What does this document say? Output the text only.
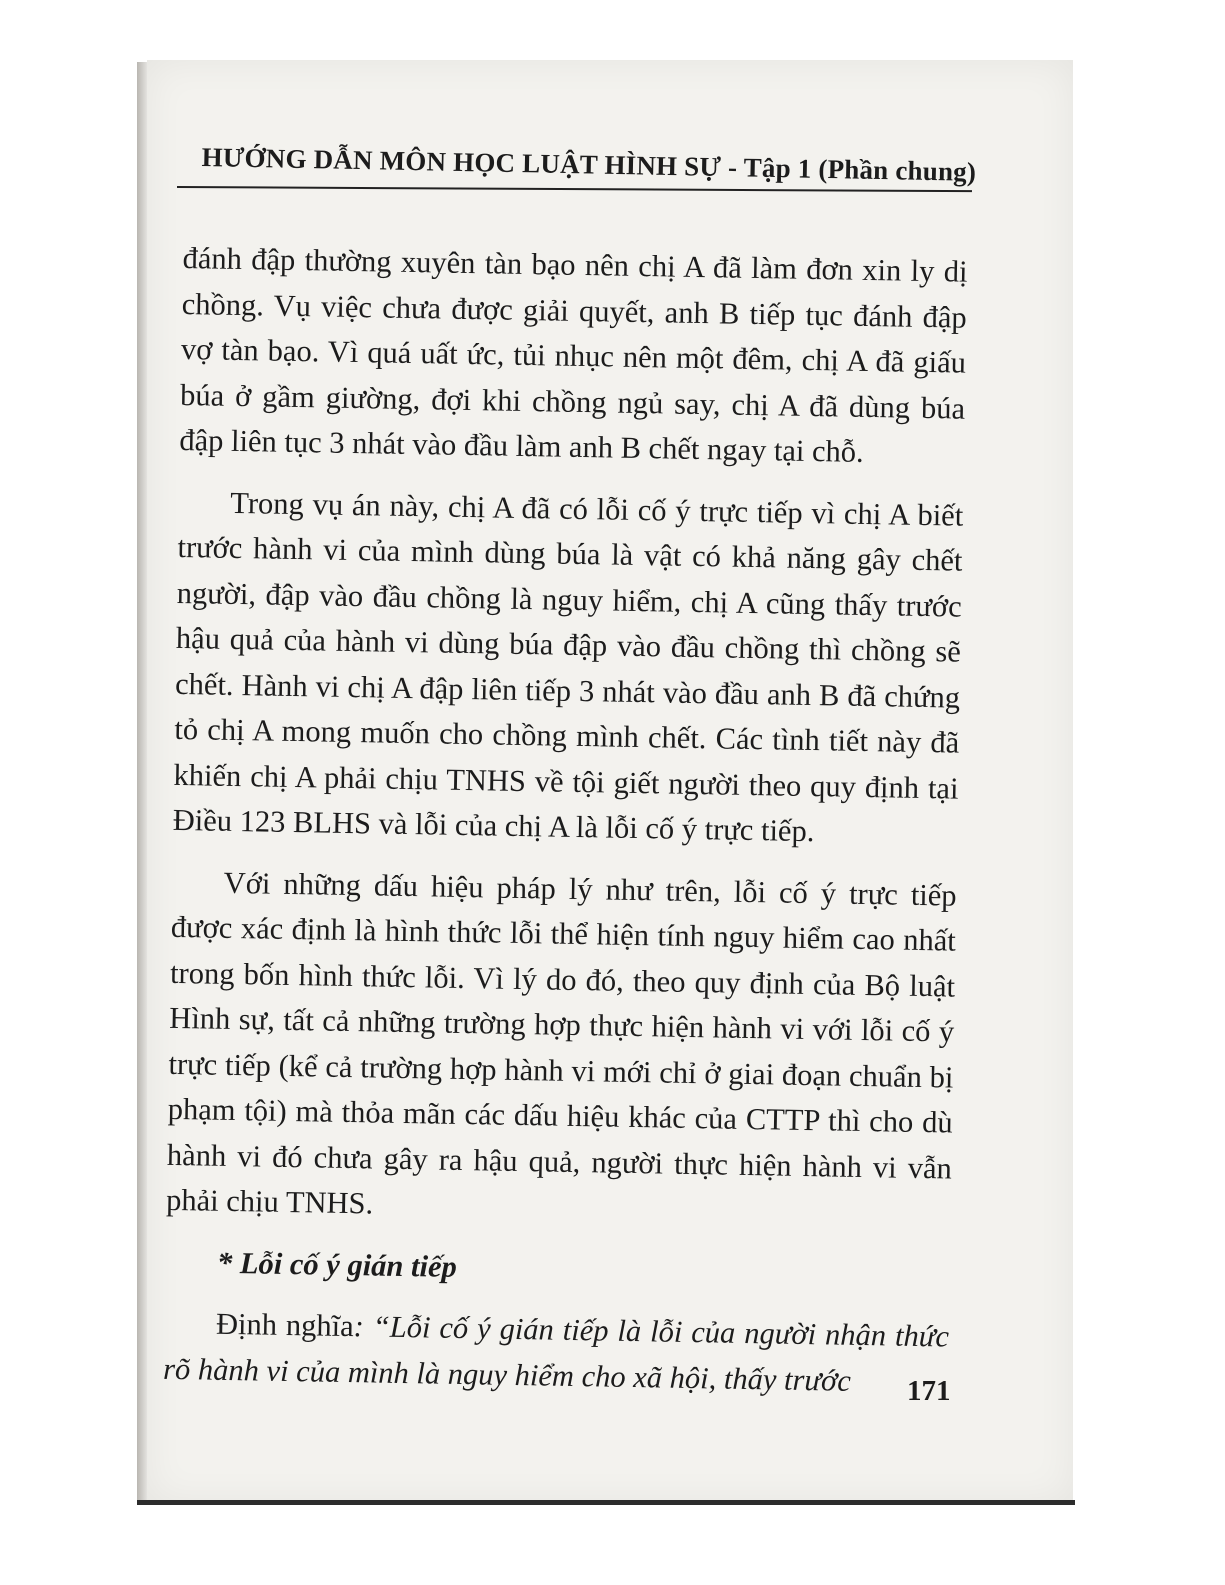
HƯỚNG DẪN MÔN HỌC LUẬT HÌNH SỰ - Tập 1 (Phần chung)

đánh đập thường xuyên tàn bạo nên chị A đã làm đơn xin ly dị chồng. Vụ việc chưa được giải quyết, anh B tiếp tục đánh đập vợ tàn bạo. Vì quá uất ức, tủi nhục nên một đêm, chị A đã giấu búa ở gầm giường, đợi khi chồng ngủ say, chị A đã dùng búa đập liên tục 3 nhát vào đầu làm anh B chết ngay tại chỗ.

Trong vụ án này, chị A đã có lỗi cố ý trực tiếp vì chị A biết trước hành vi của mình dùng búa là vật có khả năng gây chết người, đập vào đầu chồng là nguy hiểm, chị A cũng thấy trước hậu quả của hành vi dùng búa đập vào đầu chồng thì chồng sẽ chết. Hành vi chị A đập liên tiếp 3 nhát vào đầu anh B đã chứng tỏ chị A mong muốn cho chồng mình chết. Các tình tiết này đã khiến chị A phải chịu TNHS về tội giết người theo quy định tại Điều 123 BLHS và lỗi của chị A là lỗi cố ý trực tiếp.

Với những dấu hiệu pháp lý như trên, lỗi cố ý trực tiếp được xác định là hình thức lỗi thể hiện tính nguy hiểm cao nhất trong bốn hình thức lỗi. Vì lý do đó, theo quy định của Bộ luật Hình sự, tất cả những trường hợp thực hiện hành vi với lỗi cố ý trực tiếp (kể cả trường hợp hành vi mới chỉ ở giai đoạn chuẩn bị phạm tội) mà thỏa mãn các dấu hiệu khác của CTTP thì cho dù hành vi đó chưa gây ra hậu quả, người thực hiện hành vi vẫn phải chịu TNHS.

* Lỗi cố ý gián tiếp

Định nghĩa: “Lỗi cố ý gián tiếp là lỗi của người nhận thức rõ hành vi của mình là nguy hiểm cho xã hội, thấy trước	171
